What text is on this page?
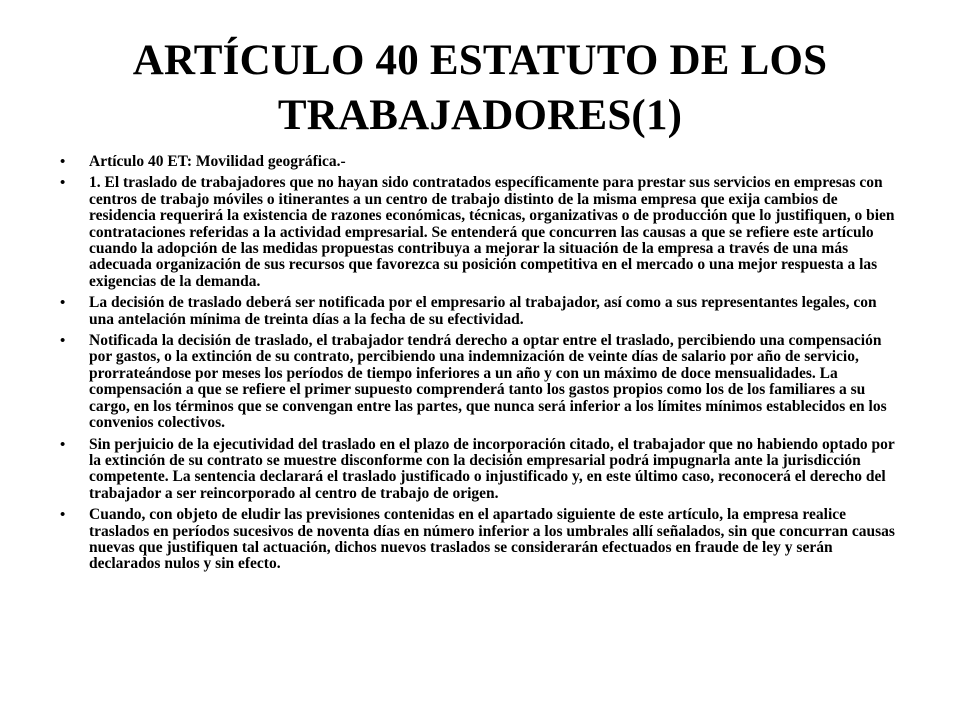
ARTÍCULO 40 ESTATUTO DE LOS TRABAJADORES(1)
• Artículo 40 ET: Movilidad geográfica.-
• 1. El traslado de trabajadores que no hayan sido contratados específicamente para prestar sus servicios en empresas con centros de trabajo móviles o itinerantes a un centro de trabajo distinto de la misma empresa que exija cambios de residencia requerirá la existencia de razones económicas, técnicas, organizativas o de producción que lo justifiquen, o bien contrataciones referidas a la actividad empresarial. Se entenderá que concurren las causas a que se refiere este artículo cuando la adopción de las medidas propuestas contribuya a mejorar la situación de la empresa a través de una más adecuada organización de sus recursos que favorezca su posición competitiva en el mercado o una mejor respuesta a las exigencias de la demanda.
• La decisión de traslado deberá ser notificada por el empresario al trabajador, así como a sus representantes legales, con una antelación mínima de treinta días a la fecha de su efectividad.
• Notificada la decisión de traslado, el trabajador tendrá derecho a optar entre el traslado, percibiendo una compensación por gastos, o la extinción de su contrato, percibiendo una indemnización de veinte días de salario por año de servicio, prorrateándose por meses los períodos de tiempo inferiores a un año y con un máximo de doce mensualidades. La compensación a que se refiere el primer supuesto comprenderá tanto los gastos propios como los de los familiares a su cargo, en los términos que se convengan entre las partes, que nunca será inferior a los límites mínimos establecidos en los convenios colectivos.
• Sin perjuicio de la ejecutividad del traslado en el plazo de incorporación citado, el trabajador que no habiendo optado por la extinción de su contrato se muestre disconforme con la decisión empresarial podrá impugnarla ante la jurisdicción competente. La sentencia declarará el traslado justificado o injustificado y, en este último caso, reconocerá el derecho del trabajador a ser reincorporado al centro de trabajo de origen.
• Cuando, con objeto de eludir las previsiones contenidas en el apartado siguiente de este artículo, la empresa realice traslados en períodos sucesivos de noventa días en número inferior a los umbrales allí señalados, sin que concurran causas nuevas que justifiquen tal actuación, dichos nuevos traslados se considerarán efectuados en fraude de ley y serán declarados nulos y sin efecto.
